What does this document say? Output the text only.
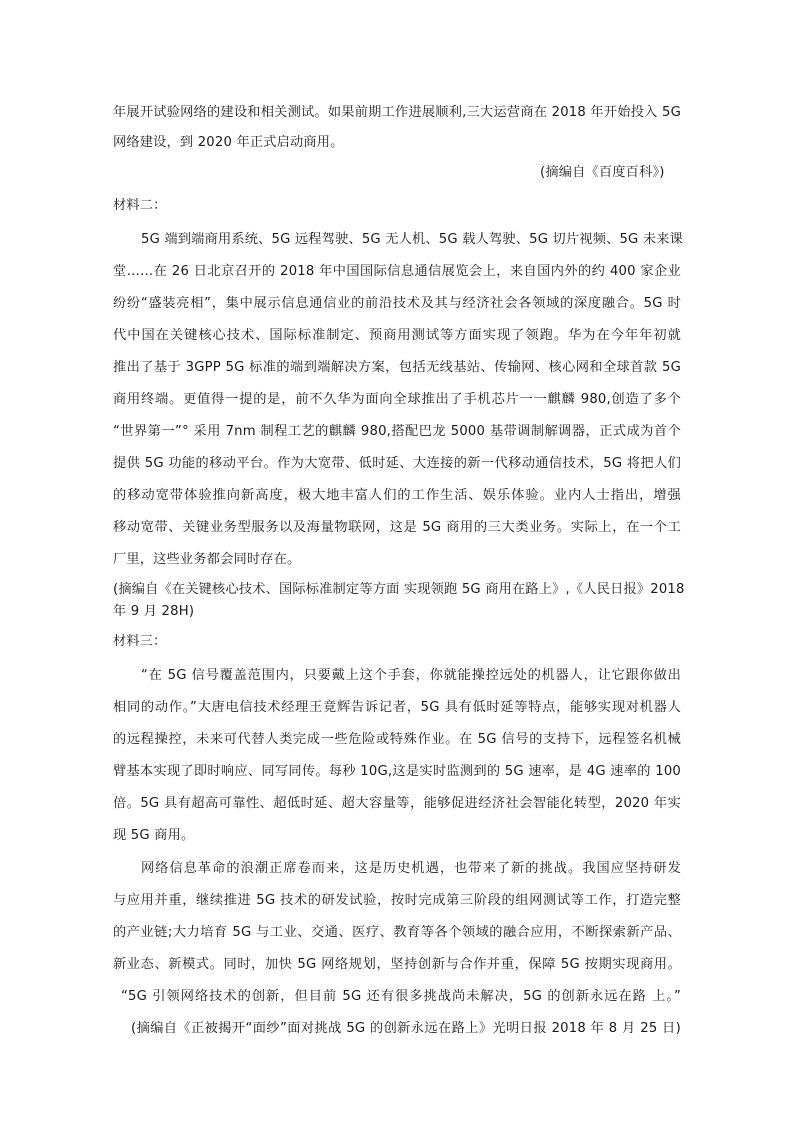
年展开试验网络的建设和相关测试。如果前期工作进展顺利,三大运营商在 2018 年开始投入 5G
网络建设，到 2020 年正式启动商用。
(摘编自《百度百科》)
材料二：
5G 端到端商用系统、5G 远程驾驶、5G 无人机、5G 载人驾驶、5G 切片视频、5G 未来课
堂……在 26 日北京召开的 2018 年中国国际信息通信展览会上，来自国内外的约 400 家企业
纷纷“盛装亮相”，集中展示信息通信业的前沿技术及其与经济社会各领域的深度融合。5G 时
代中国在关键核心技术、国际标准制定、预商用测试等方面实现了领跑。华为在今年年初就
推出了基于 3GPP 5G 标准的端到端解决方案，包括无线基站、传输网、核心网和全球首款 5G
商用终端。更值得一提的是，前不久华为面向全球推出了手机芯片一一麒麟 980,创造了多个
“世界第一”° 采用 7nm 制程工艺的麒麟 980,搭配巴龙 5000 基带调制解调器，正式成为首个
提供 5G 功能的移动平台。作为大宽带、低时延、大连接的新一代移动通信技术，5G 将把人们
的移动宽带体验推向新高度，极大地丰富人们的工作生活、娱乐体验。业内人士指出，增强
移动宽带、关键业务型服务以及海量物联网，这是 5G 商用的三大类业务。实际上，在一个工
厂里，这些业务都会同时存在。
(摘编自《在关键核心技术、国际标准制定等方面 实现领跑 5G 商用在路上》,《人民日报》2018
年 9 月 28H)
材料三：
“在 5G 信号覆盖范围内，只要戴上这个手套，你就能操控远处的机器人，让它跟你做出
相同的动作。”大唐电信技术经理王竟辉告诉记者，5G 具有低时延等特点，能够实现对机器人
的远程操控，未来可代替人类完成一些危险或特殊作业。在 5G 信号的支持下，远程签名机械
臂基本实现了即时响应、同写同传。每秒 10G,这是实时监测到的 5G 速率，是 4G 速率的 100
倍。5G 具有超高可靠性、超低时延、超大容量等，能够促进经济社会智能化转型，2020 年实
现 5G 商用。
网络信息革命的浪潮正席卷而来，这是历史机遇，也带来了新的挑战。我国应坚持研发
与应用并重，继续推进 5G 技术的研发试验，按时完成第三阶段的组网测试等工作，打造完整
的产业链;大力培育 5G 与工业、交通、医疗、教育等各个领域的融合应用，不断探索新产品、
新业态、新模式。同时，加快 5G 网络规划，坚持创新与合作并重，保障 5G 按期实现商用。
“5G 引领网络技术的创新，但目前 5G 还有很多挑战尚未解决，5G 的创新永远在路 上。”
(摘编自《正被揭开“面纱”面对挑战 5G 的创新永远在路上》光明日报 2018 年 8 月 25 日)
